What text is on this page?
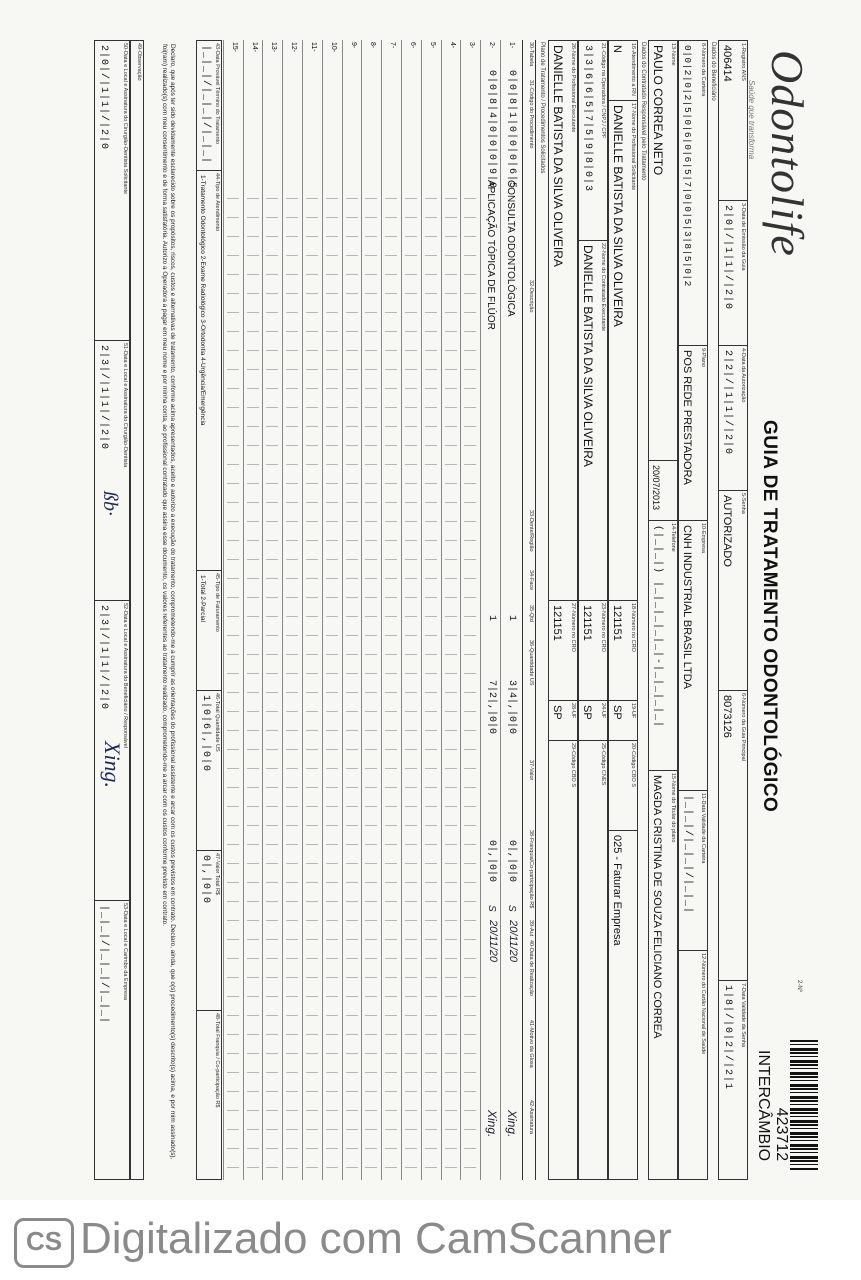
Odontolife
Saúde que transforma
GUIA DE TRATAMENTO ODONTOLÓGICO
2-Nº
423712
INTERCÂMBIO
1-Registro ANS
406414
3-Data de Emissão da Guia
2|0|/|1|1|/|2|0
4-Data da Autorização
2|2|/|1|1|/|2|0
5-Senha
AUTORIZADO
6-Número da Guia Principal
8073126
7-Data Validade da Senha
1|8|/|0|2|/|2|1
Dados do Beneficiário
8-Número da Carteira
0|0|2|0|2|5|0|6|0|6|5|7|0|0|5|3|8|5|0|2
9-Plano
POS REDE PRESTADORA
10-Empresa
CNH INDUSTRIAL BRASIL LTDA
11-Data Validade da Carteira
|_|_|/|_|_|/|_|_|
12-Número do Cartão Nacional de Saúde
13-Nome
PAULO CORREA NETO
20/07/2013
14-Telefone
(|_|_|) |_|_|_|_|_|-|_|_|_|_|
15-Nome do Titular do plano
MAGDA CRISTINA DE SOUZA FELICIANO CORREA
Dados do Contratado Responsável pelo Tratamento
16-Atendimento a RN
N
17-Nome do Profissional Solicitante
DANIELLE BATISTA DA SILVA OLIVEIRA
18-Número no CRO
121151
19-UF
SP
20-Código CBO S
025 - Faturar Empresa
21-Código na Operadora / CNPJ / CPF
3|3|6|6|5|7|5|9|8|0|3
22-Nome do Contratado Executante
DANIELLE BATISTA DA SILVA OLIVEIRA
23-Número no CRO
121151
24-UF
SP
25-Código CNES
26-Nome do Profissional Executante
DANIELLE BATISTA DA SILVA OLIVEIRA
27-Número no CRO
121151
28-UF
SP
29-Código CBO S
Plano de Tratamento / Procedimentos Solicitados
30-Tabela
31-Código do Procedimento
32-Descrição
33-Dente/Região
34-Face
35-Qtd
36-Quantidade US
37-Valor
38-Franquia/Co-participação R$
39-Aut
40-Data de Realização
41-Motivo da Glosa
42-Assinatura
1-
0|0|8|1|0|0|0|6|5
CONSULTA ODONTOLÓGICA
3|4|,|0|0
0|,|0|0
20/11/20
Xing.
1
S
2-
0|0|8|4|0|0|0|9|0
APLICAÇÃO TÓPICA DE FLÚOR
7|2|,|0|0
0|,|0|0
20/11/20
Xing.
1
S
3-
4-
5-
6-
7-
8-
9-
10-
11-
12-
13-
14-
15-
43-Data Provável Término do Tratamento
|_|_|/|_|_|/|_|_|
44-Tipo de Atendimento
1-Tratamento Odontológico 2-Exame Radiológico 3-Ortodontia 4-Urgência/Emergência
45-Tipo de Faturamento
1-Total 2-Parcial
46-Total Quantidade US
1|0|6|,|0|0
47-Valor Total R$
0|,|0|0
48-Total Franquia / Co-participação R$
Declaro, que após ter sido devidamente esclarecido sobre os propósitos, riscos, custos e alternativas de tratamento, conforme acima apresentados, aceito e autorizo a execução do tratamento, comprometendo-me a cumprir as orientações do profissional assistente e arcar com os custos previstos em contrato. Declaro, ainda, que o(s) procedimento(s) descrito(s) acima, e por mim assinado(s), foi(ram) realizado(s) com meu consentimento e de forma satisfatória. Autorizo a Operadora a pagar em meu nome e por minha conta, ao profissional contratado que assina esse documento, os valores referentes ao tratamento realizado, comprometendo-me a arcar com os custos conforme previsto em contrato.
49-Observação
50-Data e Local e Assinatura do Cirurgião-Dentista Solicitante
2|0|/|1|1|/|2|0
51-Data e Local e Assinatura do Cirurgião-Dentista
2|3|/|1|1|/|2|0
ßb·
52-Data e Local e Assinatura do Beneficiário / Responsável
2|3|/|1|1|/|2|0
Xing.
53-Data e Local e Carimbo da Empresa
|_|_|/|_|_|/|_|_|
CS Digitalizado com CamScanner
